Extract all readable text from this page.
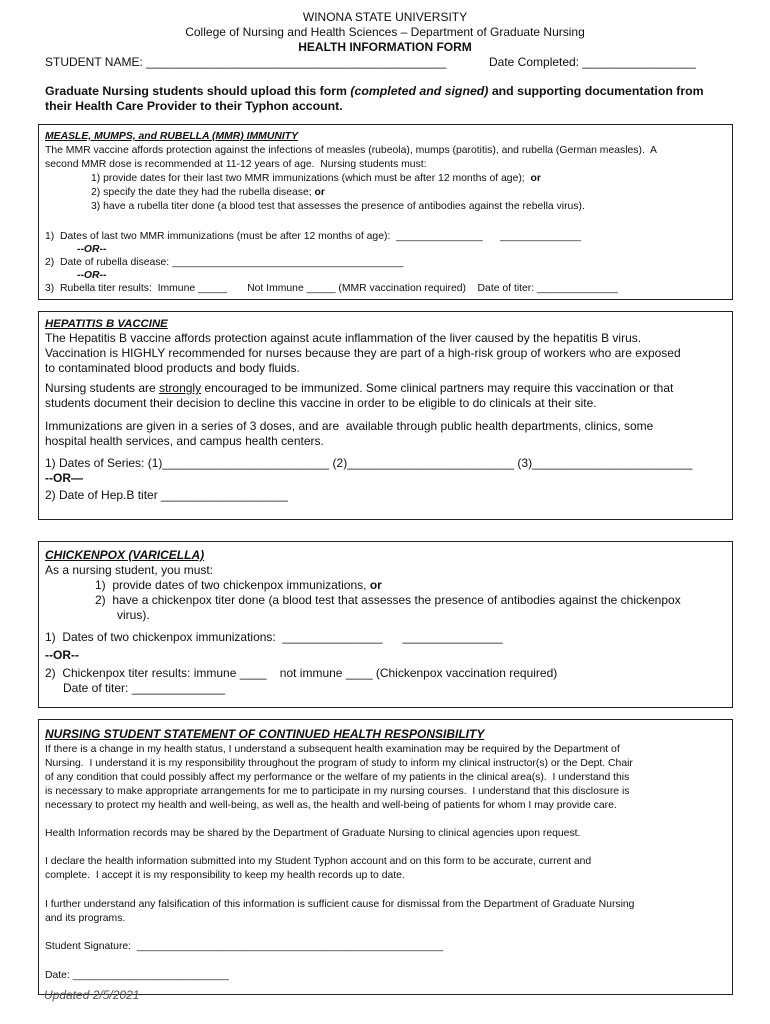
WINONA STATE UNIVERSITY
College of Nursing and Health Sciences – Department of Graduate Nursing
HEALTH INFORMATION FORM
STUDENT NAME: _____________________________________________	Date Completed: _________________
Graduate Nursing students should upload this form (completed and signed) and supporting documentation from
their Health Care Provider to their Typhon account.
MEASLE, MUMPS, and RUBELLA (MMR) IMMUNITY
The MMR vaccine affords protection against the infections of measles (rubeola), mumps (parotitis), and rubella (German measles).  A
second MMR dose is recommended at 11-12 years of age.  Nursing students must:
1) provide dates for their last two MMR immunizations (which must be after 12 months of age);  or
2) specify the date they had the rubella disease; or
3) have a rubella titer done (a blood test that assesses the presence of antibodies against the rebella virus).
1)  Dates of last two MMR immunizations (must be after 12 months of age):  _______________      ______________
--OR--
2)  Date of rubella disease: ________________________________________
--OR--
3)  Rubella titer results:  Immune _____       Not Immune _____ (MMR vaccination required)    Date of titer: ______________
HEPATITIS B VACCINE
The Hepatitis B vaccine affords protection against acute inflammation of the liver caused by the hepatitis B virus.
Vaccination is HIGHLY recommended for nurses because they are part of a high-risk group of workers who are exposed
to contaminated blood products and body fluids.
Nursing students are strongly encouraged to be immunized. Some clinical partners may require this vaccination or that
students document their decision to decline this vaccine in order to be eligible to do clinicals at their site.
Immunizations are given in a series of 3 doses, and are  available through public health departments, clinics, some
hospital health services, and campus health centers.
1) Dates of Series: (1)_________________________ (2)_________________________ (3)________________________
--OR—
2) Date of Hep.B titer ___________________
CHICKENPOX (VARICELLA)
As a nursing student, you must:
1)  provide dates of two chickenpox immunizations, or
2)  have a chickenpox titer done (a blood test that assesses the presence of antibodies against the chickenpox
virus).
1)  Dates of two chickenpox immunizations:  _______________      _______________
--OR--
2)  Chickenpox titer results: immune ____    not immune ____ (Chickenpox vaccination required)
Date of titer: ______________
NURSING STUDENT STATEMENT OF CONTINUED HEALTH RESPONSIBILITY
If there is a change in my health status, I understand a subsequent health examination may be required by the Department of
Nursing.  I understand it is my responsibility throughout the program of study to inform my clinical instructor(s) or the Dept. Chair
of any condition that could possibly affect my performance or the welfare of my patients in the clinical area(s).  I understand this
is necessary to make appropriate arrangements for me to participate in my nursing courses.  I understand that this disclosure is
necessary to protect my health and well-being, as well as, the health and well-being of patients for whom I may provide care.
Health Information records may be shared by the Department of Graduate Nursing to clinical agencies upon request.
I declare the health information submitted into my Student Typhon account and on this form to be accurate, current and
complete.  I accept it is my responsibility to keep my health records up to date.
I further understand any falsification of this information is sufficient cause for dismissal from the Department of Graduate Nursing
and its programs.
Student Signature:  _____________________________________________________
Date: ___________________________
Updated 2/5/2021
